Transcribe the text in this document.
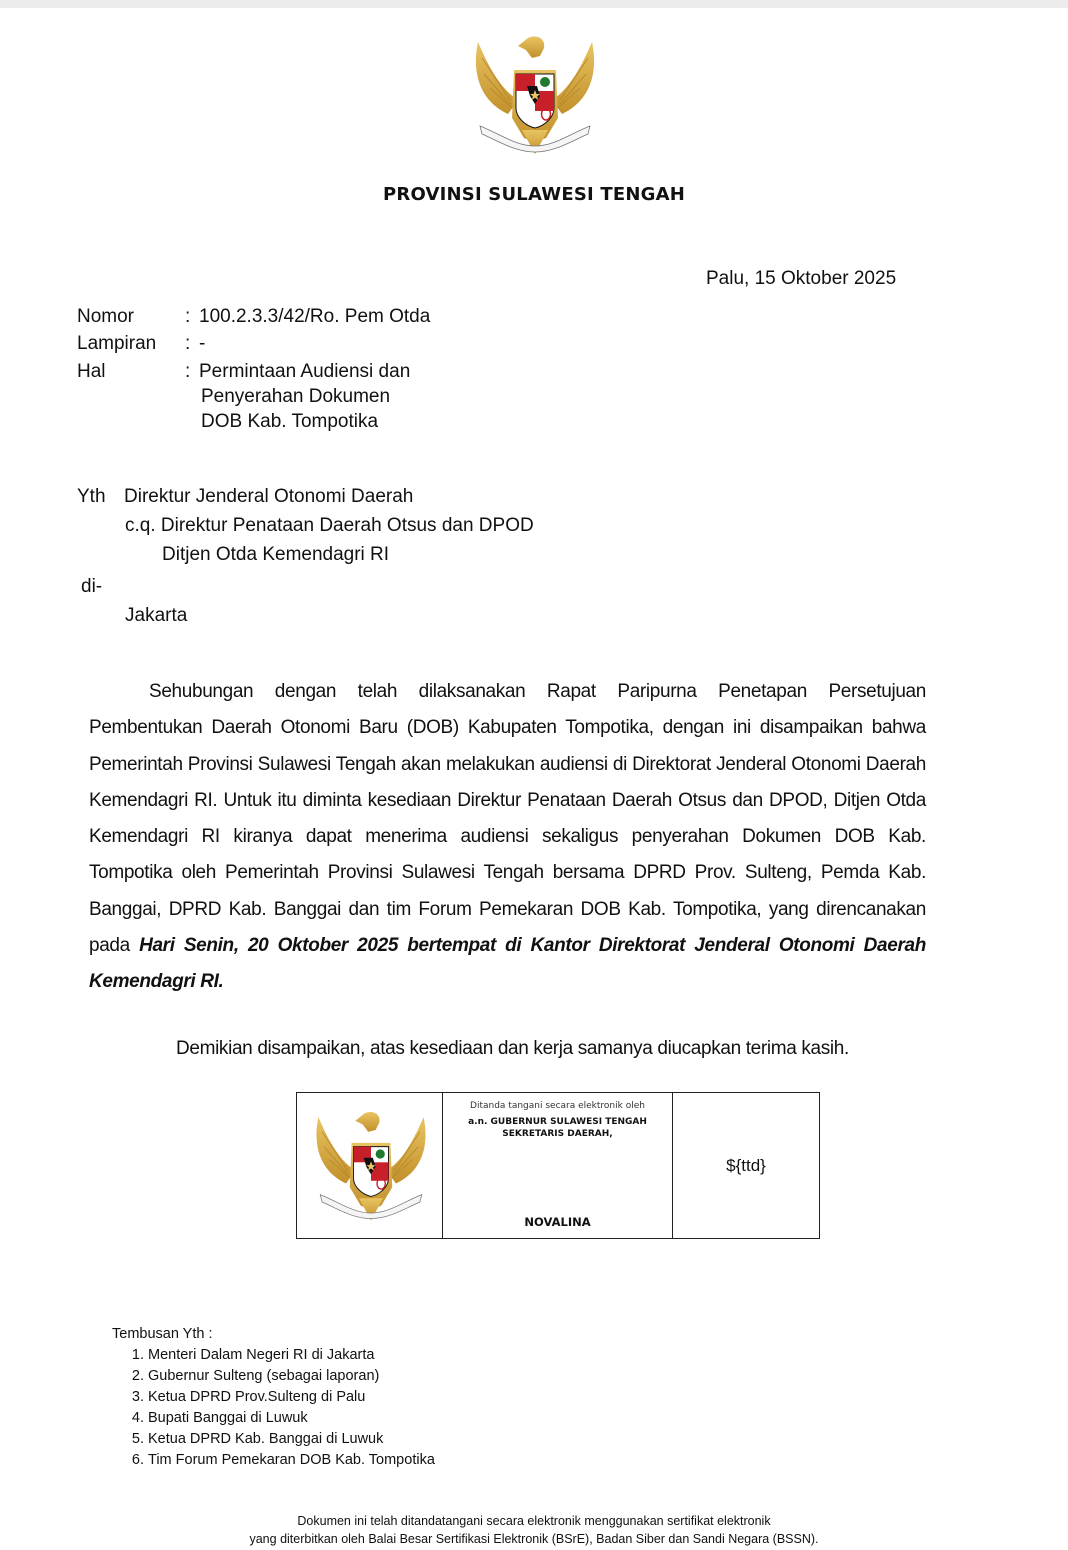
PROVINSI SULAWESI TENGAH
Palu, 15 Oktober 2025
Nomor	: 100.2.3.3/42/Ro. Pem Otda
Lampiran	: -
Hal	: Permintaan Audiensi dan
Penyerahan Dokumen
DOB Kab. Tompotika
Yth Direktur Jenderal Otonomi Daerah
c.q. Direktur Penataan Daerah Otsus dan DPOD
Ditjen Otda Kemendagri RI
di-
Jakarta
Sehubungan dengan telah dilaksanakan Rapat Paripurna Penetapan Persetujuan Pembentukan Daerah Otonomi Baru (DOB) Kabupaten Tompotika, dengan ini disampaikan bahwa Pemerintah Provinsi Sulawesi Tengah akan melakukan audiensi di Direktorat Jenderal Otonomi Daerah Kemendagri RI. Untuk itu diminta kesediaan Direktur Penataan Daerah Otsus dan DPOD, Ditjen Otda Kemendagri RI kiranya dapat menerima audiensi sekaligus penyerahan Dokumen DOB Kab. Tompotika oleh Pemerintah Provinsi Sulawesi Tengah bersama DPRD Prov. Sulteng, Pemda Kab. Banggai, DPRD Kab. Banggai dan tim Forum Pemekaran DOB Kab. Tompotika, yang direncanakan pada Hari Senin, 20 Oktober 2025 bertempat di Kantor Direktorat Jenderal Otonomi Daerah Kemendagri RI.
Demikian disampaikan, atas kesediaan dan kerja samanya diucapkan terima kasih.
Ditanda tangani secara elektronik oleh
a.n. GUBERNUR SULAWESI TENGAH
SEKRETARIS DAERAH,
NOVALINA
${ttd}
Tembusan Yth :
1. Menteri Dalam Negeri RI di Jakarta
2. Gubernur Sulteng (sebagai laporan)
3. Ketua DPRD Prov.Sulteng di Palu
4. Bupati Banggai di Luwuk
5. Ketua DPRD Kab. Banggai di Luwuk
6. Tim Forum Pemekaran DOB Kab. Tompotika
Dokumen ini telah ditandatangani secara elektronik menggunakan sertifikat elektronik
yang diterbitkan oleh Balai Besar Sertifikasi Elektronik (BSrE), Badan Siber dan Sandi Negara (BSSN).
